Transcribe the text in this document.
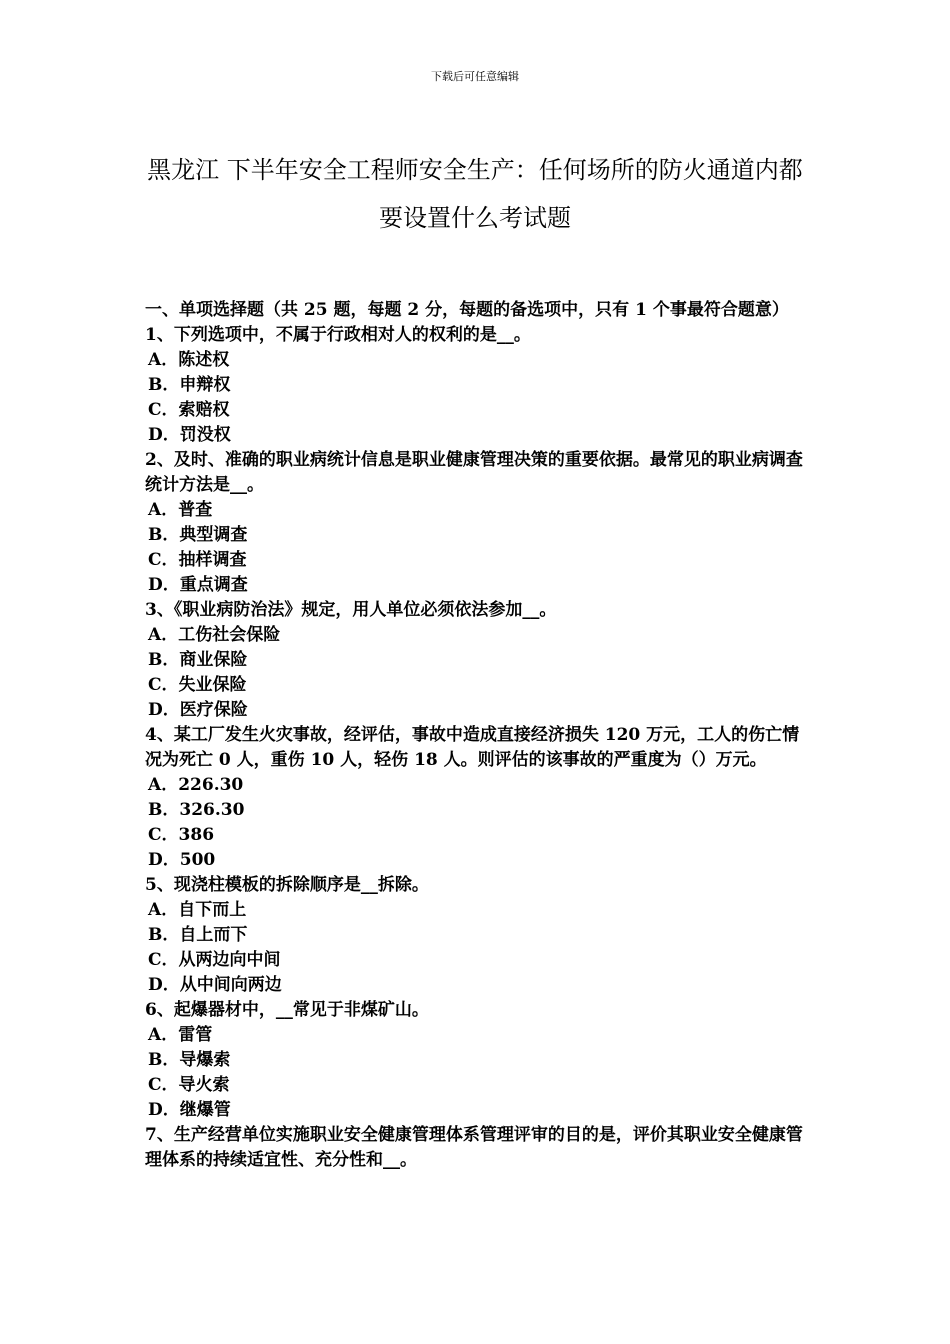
下载后可任意编辑
黑龙江 下半年安全工程师安全生产：任何场所的防火通道内都要设置什么考试题

一、单项选择题（共 25 题，每题 2 分，每题的备选项中，只有 1 个事最符合题意）

1、下列选项中，不属于行政相对人的权利的是__。

A．陈述权
B．申辩权
C．索赔权
D．罚没权

2、及时、准确的职业病统计信息是职业健康管理决策的重要依据。最常见的职业病调查统计方法是__。

A．普查
B．典型调查
C．抽样调查
D．重点调查

3、《职业病防治法》规定，用人单位必须依法参加__。

A．工伤社会保险
B．商业保险
C．失业保险
D．医疗保险

4、某工厂发生火灾事故，经评估，事故中造成直接经济损失 120 万元，工人的伤亡情况为死亡 0 人，重伤 10 人，轻伤 18 人。则评估的该事故的严重度为（）万元。

A．226.30
B．326.30
C．386
D．500

5、现浇柱模板的拆除顺序是__拆除。

A．自下而上
B．自上而下
C．从两边向中间
D．从中间向两边

6、起爆器材中，__常见于非煤矿山。

A．雷管
B．导爆索
C．导火索
D．继爆管

7、生产经营单位实施职业安全健康管理体系管理评审的目的是，评价其职业安全健康管理体系的持续适宜性、充分性和__。
